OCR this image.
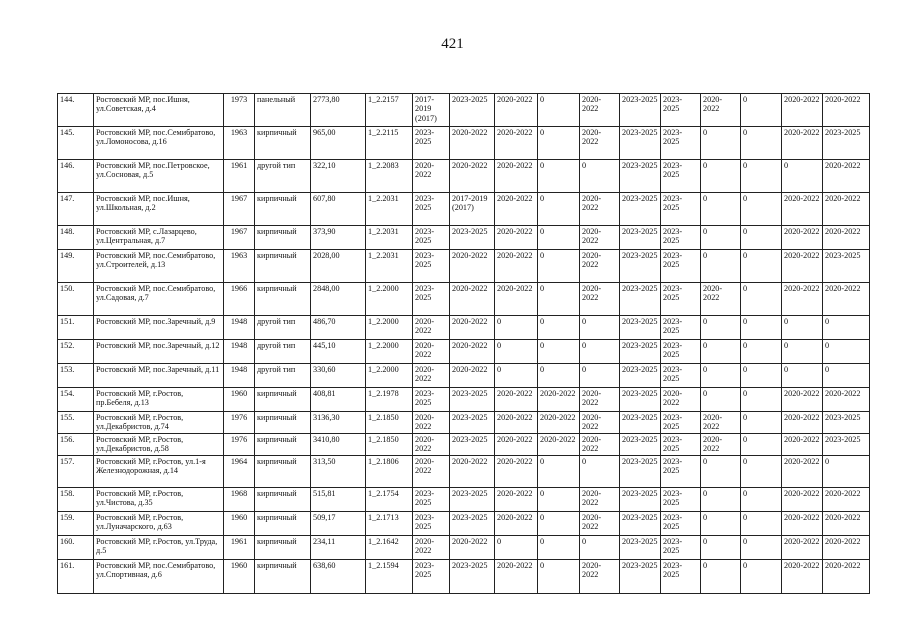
421
144.	Ростовский МР, пос.Ишня, ул.Советская, д.4	1973	панельный	2773,80	1_2.2157	2017-2019 (2017)	2023-2025	2020-2022	0	2020-2022	2023-2025	2023-2025	2020-2022	0	2020-2022	2020-2022
145.	Ростовский МР, пос.Семибратово, ул.Ломоносова, д.16	1963	кирпичный	965,00	1_2.2115	2023-2025	2020-2022	2020-2022	0	2020-2022	2023-2025	2023-2025	0	0	2020-2022	2023-2025
146.	Ростовский МР, пос.Петровское, ул.Сосновая, д.5	1961	другой тип	322,10	1_2.2083	2020-2022	2020-2022	2020-2022	0	0	2023-2025	2023-2025	0	0	0	2020-2022
147.	Ростовский МР, пос.Ишня, ул.Школьная, д.2	1967	кирпичный	607,80	1_2.2031	2023-2025	2017-2019 (2017)	2020-2022	0	2020-2022	2023-2025	2023-2025	0	0	2020-2022	2020-2022
148.	Ростовский МР, с.Лазарцево, ул.Центральная, д.7	1967	кирпичный	373,90	1_2.2031	2023-2025	2023-2025	2020-2022	0	2020-2022	2023-2025	2023-2025	0	0	2020-2022	2020-2022
149.	Ростовский МР, пос.Семибратово, ул.Строителей, д.13	1963	кирпичный	2028,00	1_2.2031	2023-2025	2020-2022	2020-2022	0	2020-2022	2023-2025	2023-2025	0	0	2020-2022	2023-2025
150.	Ростовский МР, пос.Семибратово, ул.Садовая, д.7	1966	кирпичный	2848,00	1_2.2000	2023-2025	2020-2022	2020-2022	0	2020-2022	2023-2025	2023-2025	2020-2022	0	2020-2022	2020-2022
151.	Ростовский МР, пос.Заречный, д.9	1948	другой тип	486,70	1_2.2000	2020-2022	2020-2022	0	0	0	2023-2025	2023-2025	0	0	0	0
152.	Ростовский МР, пос.Заречный, д.12	1948	другой тип	445,10	1_2.2000	2020-2022	2020-2022	0	0	0	2023-2025	2023-2025	0	0	0	0
153.	Ростовский МР, пос.Заречный, д.11	1948	другой тип	330,60	1_2.2000	2020-2022	2020-2022	0	0	0	2023-2025	2023-2025	0	0	0	0
154.	Ростовский МР, г.Ростов, пр.Бебеля, д.13	1960	кирпичный	408,81	1_2.1978	2023-2025	2023-2025	2020-2022	2020-2022	2020-2022	2023-2025	2020-2022	0	0	2020-2022	2020-2022
155.	Ростовский МР, г.Ростов, ул.Декабристов, д.74	1976	кирпичный	3136,30	1_2.1850	2020-2022	2023-2025	2020-2022	2020-2022	2020-2022	2023-2025	2023-2025	2020-2022	0	2020-2022	2023-2025
156.	Ростовский МР, г.Ростов, ул.Декабристов, д.58	1976	кирпичный	3410,80	1_2.1850	2020-2022	2023-2025	2020-2022	2020-2022	2020-2022	2023-2025	2023-2025	2020-2022	0	2020-2022	2023-2025
157.	Ростовский МР, г.Ростов, ул.1-я Железнодорожная, д.14	1964	кирпичный	313,50	1_2.1806	2020-2022	2020-2022	2020-2022	0	0	2023-2025	2023-2025	0	0	2020-2022	0
158.	Ростовский МР, г.Ростов, ул.Чистова, д.35	1968	кирпичный	515,81	1_2.1754	2023-2025	2023-2025	2020-2022	0	2020-2022	2023-2025	2023-2025	0	0	2020-2022	2020-2022
159.	Ростовский МР, г.Ростов, ул.Луначарского, д.63	1960	кирпичный	509,17	1_2.1713	2023-2025	2023-2025	2020-2022	0	2020-2022	2023-2025	2023-2025	0	0	2020-2022	2020-2022
160.	Ростовский МР, г.Ростов, ул.Труда, д.5	1961	кирпичный	234,11	1_2.1642	2020-2022	2020-2022	0	0	0	2023-2025	2023-2025	0	0	2020-2022	2020-2022
161.	Ростовский МР, пос.Семибратово, ул.Спортивная, д.6	1960	кирпичный	638,60	1_2.1594	2023-2025	2023-2025	2020-2022	0	2020-2022	2023-2025	2023-2025	0	0	2020-2022	2020-2022
